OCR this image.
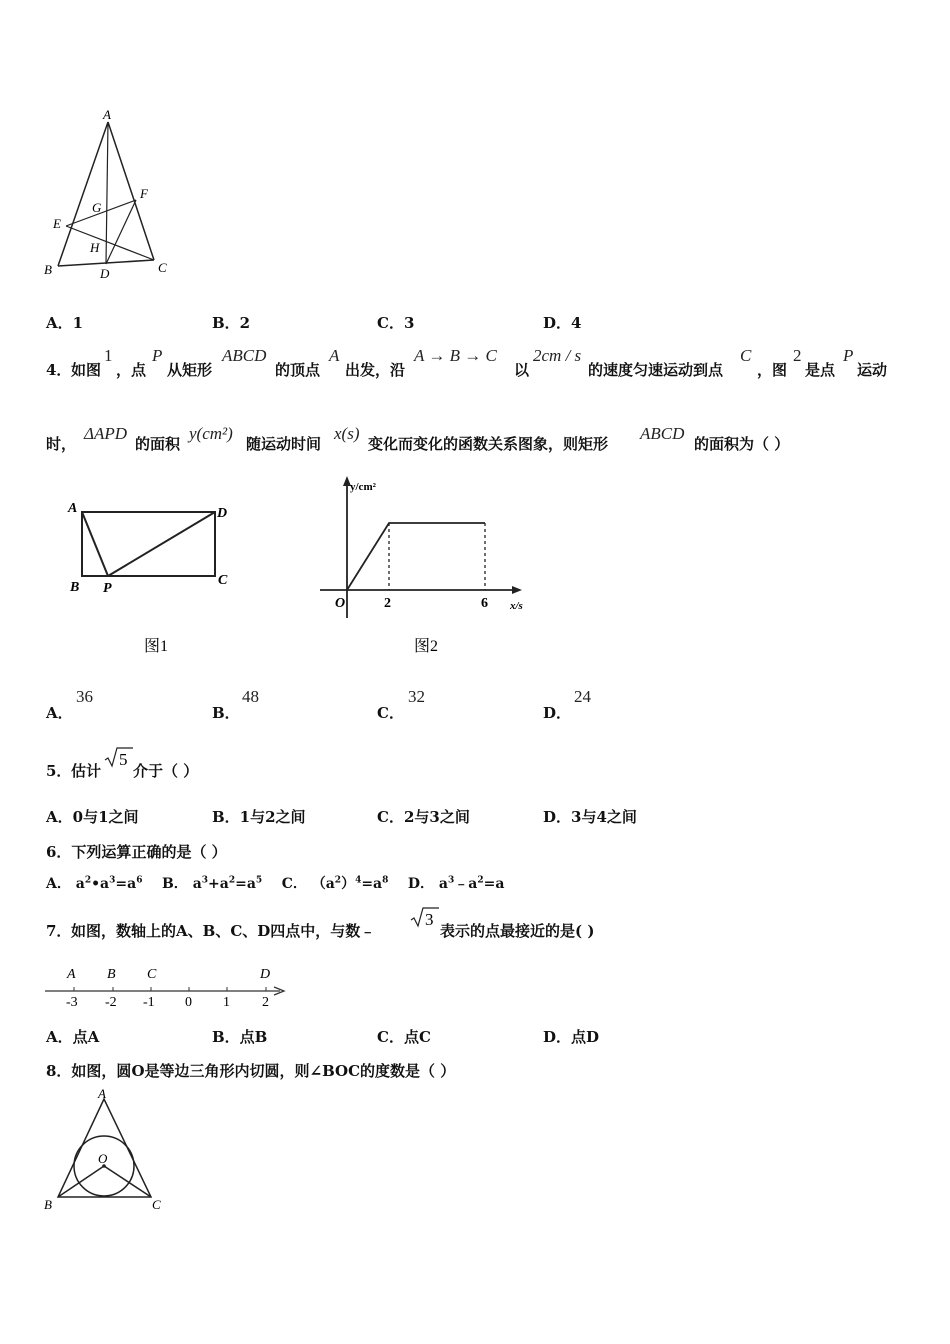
A
B	C
D
E
F
G
H
A．1	B．2	C．3	D．4
4． 如图
1
，点
P
从矩形
ABCD
的顶点
A
出发，沿
A → B → C
以
2cm / s
的速度匀速运动到点
C
，图
2
是点
P
运动
时，
ΔAPD
的面积
y(cm²)
随运动时间
x(s)
变化而变化的函数关系图象，则矩形
ABCD
的面积为（ ）
A
B P
C
D
图1
y/cm²
x/s
O	2	6
图2
A．
36
B．
48
C．
32
D．
24
5． 估计
5
介于（ ）
A．0与1之间	B．1与2之间	C．2与3之间	D．3与4之间
6．下列运算正确的是（ ）
A． $a^2•a^3=a^6$ B． $a^3+a^2=a^5$ C． $(a^2)^4=a^8$ D． $a^3﹣a^2=a$
7． 如图，数轴上的A、B、C、D四点中，与数﹣
3
表示的点最接近的是( )
A B C	D
-3 -2 -1 0 1 2
A．点A	B．点B	C．点C	D．点D
8．如图，圆O是等边三角形内切圆，则∠BOC的度数是（ ）
A
B	C
O
